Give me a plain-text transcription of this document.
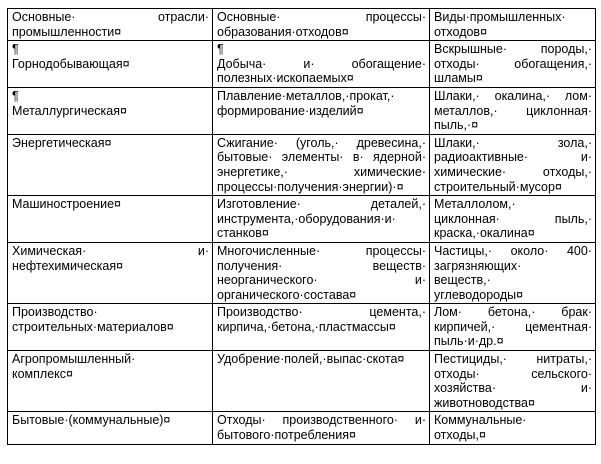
Основные· отрасли·
промышленности¤	Основные· процессы·
образования·отходов¤	Виды·промышленных·
отходов¤

¶
Горнодобывающая¤	¶
Добыча· и· обогащение·
полезных·ископаемых¤	Вскрышные· породы,·
отходы· обогащения,·
шламы¤

¶
Металлургическая¤	Плавление·металлов,·прокат,·
формирование·изделий¤	Шлаки,· окалина,· лом·
металлов,· циклонная·
пыль,·¤

Энергетическая¤	Сжигание· (уголь,· древесина,·
бытовые· элементы· в· ядерной·
энергетике,· химические·
процессы·получения·энергии)·¤	Шлаки,· зола,·
радиоактивные· и·
химические· отходы,·
строительный·мусор¤

Машиностроение¤	Изготовление· деталей,·
инструмента,·оборудования·и·
станков¤	Металлолом,·
циклонная· пыль,·
краска,·окалина¤

Химическая· и·
нефтехимическая¤	Многочисленные· процессы·
получения· веществ·
неорганического· и·
органического·состава¤	Частицы,· около· 400·
загрязняющих·
веществ,·
углеводороды¤

Производство·
строительных·материалов¤	Производство· цемента,·
кирпича,·бетона,·пластмассы¤	Лом· бетона,· брак·
кирпичей,· цементная·
пыль·и·др.¤

Агропромышленный·
комплекс¤	Удобрение·полей,·выпас·скота¤	Пестициды,· нитраты,·
отходы· сельского·
хозяйства· и·
животноводства¤

Бытовые·(коммунальные)¤	Отходы· производственного· и·
бытового·потребления¤	Коммунальные·
отходы,¤
